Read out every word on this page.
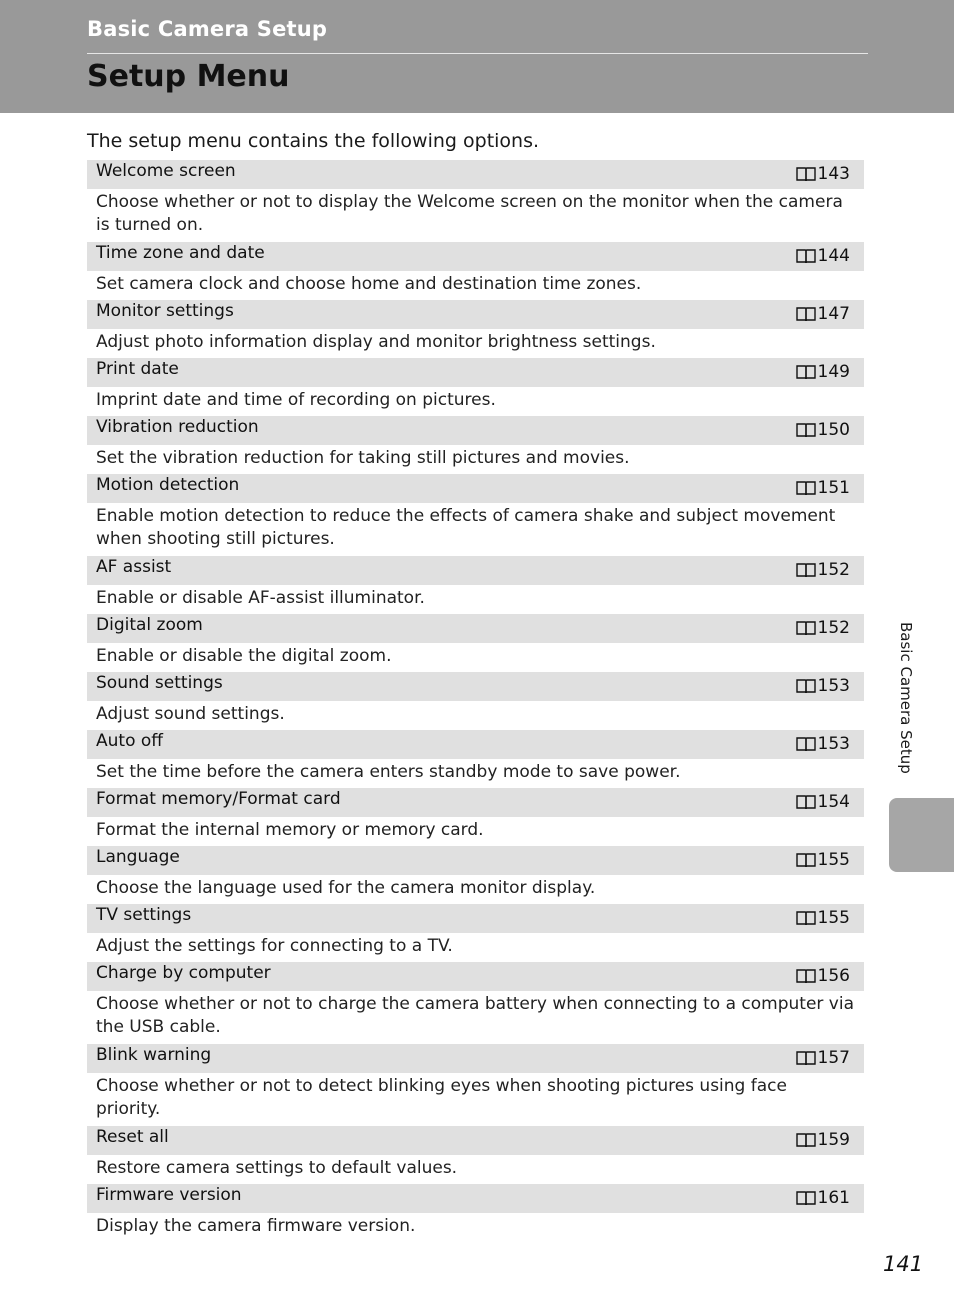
Basic Camera Setup
Setup Menu
The setup menu contains the following options.
Welcome screen	143
Choose whether or not to display the Welcome screen on the monitor when the camera is turned on.
Time zone and date	144
Set camera clock and choose home and destination time zones.
Monitor settings	147
Adjust photo information display and monitor brightness settings.
Print date	149
Imprint date and time of recording on pictures.
Vibration reduction	150
Set the vibration reduction for taking still pictures and movies.
Motion detection	151
Enable motion detection to reduce the effects of camera shake and subject movement when shooting still pictures.
AF assist	152
Enable or disable AF-assist illuminator.
Digital zoom	152
Enable or disable the digital zoom.
Sound settings	153
Adjust sound settings.
Auto off	153
Set the time before the camera enters standby mode to save power.
Format memory/Format card	154
Format the internal memory or memory card.
Language	155
Choose the language used for the camera monitor display.
TV settings	155
Adjust the settings for connecting to a TV.
Charge by computer	156
Choose whether or not to charge the camera battery when connecting to a computer via the USB cable.
Blink warning	157
Choose whether or not to detect blinking eyes when shooting pictures using face priority.
Reset all	159
Restore camera settings to default values.
Firmware version	161
Display the camera firmware version.
Basic Camera Setup
141
